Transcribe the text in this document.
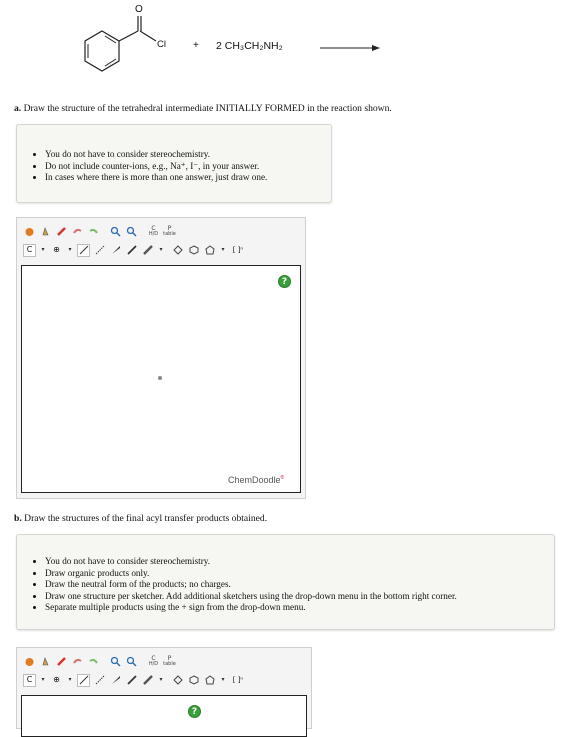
O
Cl	+ 2 CH₃CH₂NH₂
a. Draw the structure of the tetrahedral intermediate INITIALLY FORMED in the reaction shown.
• You do not have to consider stereochemistry.
• Do not include counter-ions, e.g., Na⁺, I⁻, in your answer.
• In cases where there is more than one answer, just draw one.
C
H/D
P
table
C	▾	⊕	▾	▾	▾	[ ]ⁿ
?
ChemDoodle®
b. Draw the structures of the final acyl transfer products obtained.
• You do not have to consider stereochemistry.
• Draw organic products only.
• Draw the neutral form of the products; no charges.
• Draw one structure per sketcher. Add additional sketchers using the drop-down menu in the bottom right corner.
• Separate multiple products using the + sign from the drop-down menu.
C
H/D
P
table
C	▾	⊕	▾	▾	▾	[ ]ⁿ
?
